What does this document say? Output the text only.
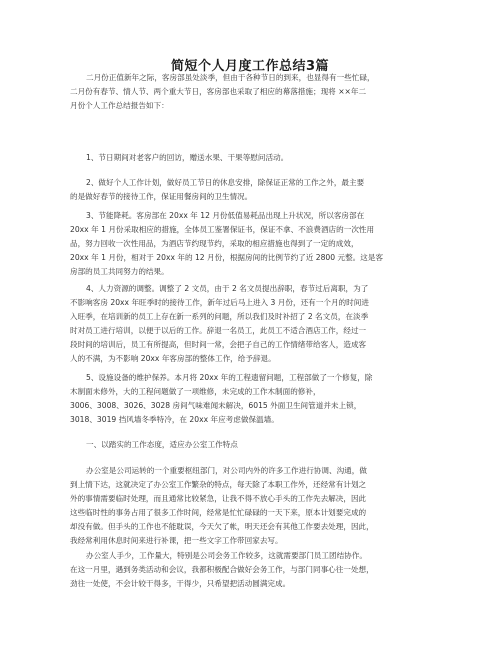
简短个人月度工作总结3篇
二月份正值新年之际，客房部虽处淡季，但由于各种节日的到来，也显得有一些忙碌，
二月份有春节、情人节、两个重大节日，客房部也采取了相应的幕落措施；现将 ××年二
月份个人工作总结报告如下：
1、节日期间对老客户的回访，赠送水果、干果等慰问活动。
2、做好个人工作计划，做好员工节日的休息安排，除保证正常的工作之外，最主要
的是做好春节的接待工作，保证用餐房间的卫生情况。
3、节能降耗。客房部在 20xx 年 12 月份低值易耗品出现上升状况，所以客房部在
20xx 年 1 月份采取相应的措施，全体员工鉴署保证书，保证不拿、不浪费酒店的一次性用
品，努力回收一次性用品，为酒店节约现节约，采取的相应措施也得到了一定的成效，
20xx 年 1 月份，相对于 20xx 年的 12 月份，根据房间的比例节约了近 2800 元整。这是客
房部的员工共同努力的结果。
4、人力资源的调整。调整了 2 文员，由于 2 名文员提出辞职，春节过后离职，为了
不影响客房 20xx 年旺季时的接待工作，新年过后马上进入 3 月份，还有一个月的时间进
入旺季，在培训新的员工上存在新一系列的问题，所以我们及时补招了 2 名文员，在淡季
时对员工进行培训，以便于以后的工作。辞退一名员工，此员工不适合酒店工作，经过一
段时间的培训后，员工有所提高，但时间一常，会把子自己的工作情绪带给客人，造成客
人的不满，为不影响 20xx 年客房部的整体工作，给予辞退。
5、设施设备的维护保养。本月将 20xx 年的工程遗留问题，工程部做了一个修复，除
木制面未修外，大的工程问题做了一项维修，未完成的工作木制面的修补，
3006、3008、3026、3028 房间气味难闻未解决，6015 外面卫生间管道并未上锁，
3018、3019 挡风墙冬季特冷，在 20xx 年应考虑做保温墙。
一、以踏实的工作态度，适应办公室工作特点
办公室是公司运转的一个重要枢纽部门，对公司内外的许多工作进行协调、沟通，做
到上情下达，这就决定了办公室工作繁杂的特点，每天除了本职工作外，还经常有计划之
外的事情需要临时处理，而且通常比较紧急，让我不得不放心手头的工作先去解决，因此
这些临时性的事务占用了很多工作时间，经常是忙忙碌碌的一天下来，原本计划要完成的
却没有做。但手头的工作也不能耽误，今天欠了帐，明天还会有其他工作要去处理，因此，
我经常利用休息时间来进行补课，把一些文字工作带回家去写。
办公室人手少，工作量大，特别是公司会务工作较多，这就需要部门员工团结协作。
在这一月里，遇到务类活动和会议，我都积极配合做好会务工作，与部门同事心往一处想，
劲往一处使，不会计较干得多，干得少，只希望把活动圆满完成。
